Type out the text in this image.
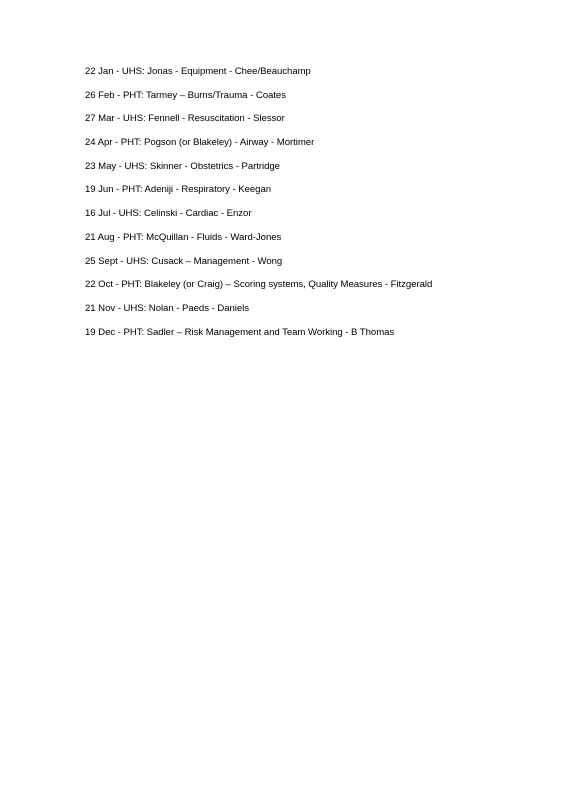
22 Jan - UHS: Jonas - Equipment - Chee/Beauchamp
26 Feb - PHT: Tarmey – Burns/Trauma - Coates
27 Mar - UHS: Fennell - Resuscitation - Slessor
24 Apr - PHT: Pogson (or Blakeley) - Airway - Mortimer
23 May - UHS: Skinner - Obstetrics - Partridge
19 Jun - PHT: Adeniji - Respiratory - Keegan
16 Jul - UHS: Celinski - Cardiac - Enzor
21 Aug - PHT: McQuillan - Fluids - Ward-Jones
25 Sept - UHS: Cusack – Management - Wong
22 Oct - PHT: Blakeley (or Craig) – Scoring systems, Quality Measures - Fitzgerald
21 Nov - UHS: Nolan - Paeds - Daniels
19 Dec - PHT: Sadler – Risk Management and Team Working - B Thomas
